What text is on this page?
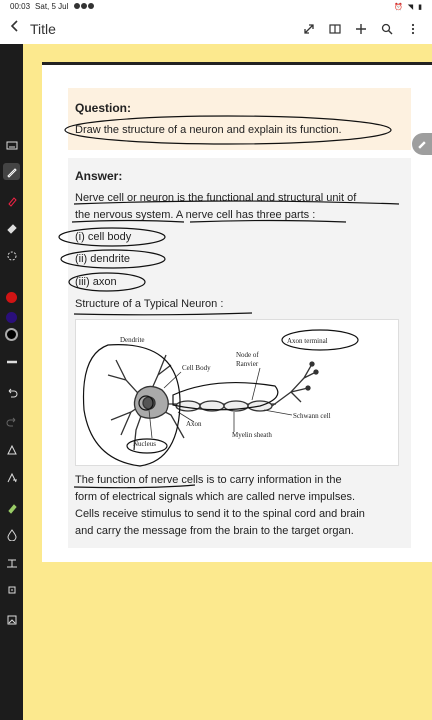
00:03 Sat, 5 Jul	⏰ ◥ ▮
Title
Question:
Draw the structure of a neuron and explain its function.
Answer:
Nerve cell or neuron is the functional and structural unit of
the nervous system. A nerve cell has three parts :
(i) cell body
(ii) dendrite
(iii) axon
Structure of a Typical Neuron :
Dendrite
Cell Body
Node of
Ranvier
Axon terminal
Schwann cell
Axon
Myelin sheath
Nucleus
The function of nerve cells is to carry information in the
form of electrical signals which are called nerve impulses.
Cells receive stimulus to send it to the spinal cord and brain
and carry the message from the brain to the target organ.
